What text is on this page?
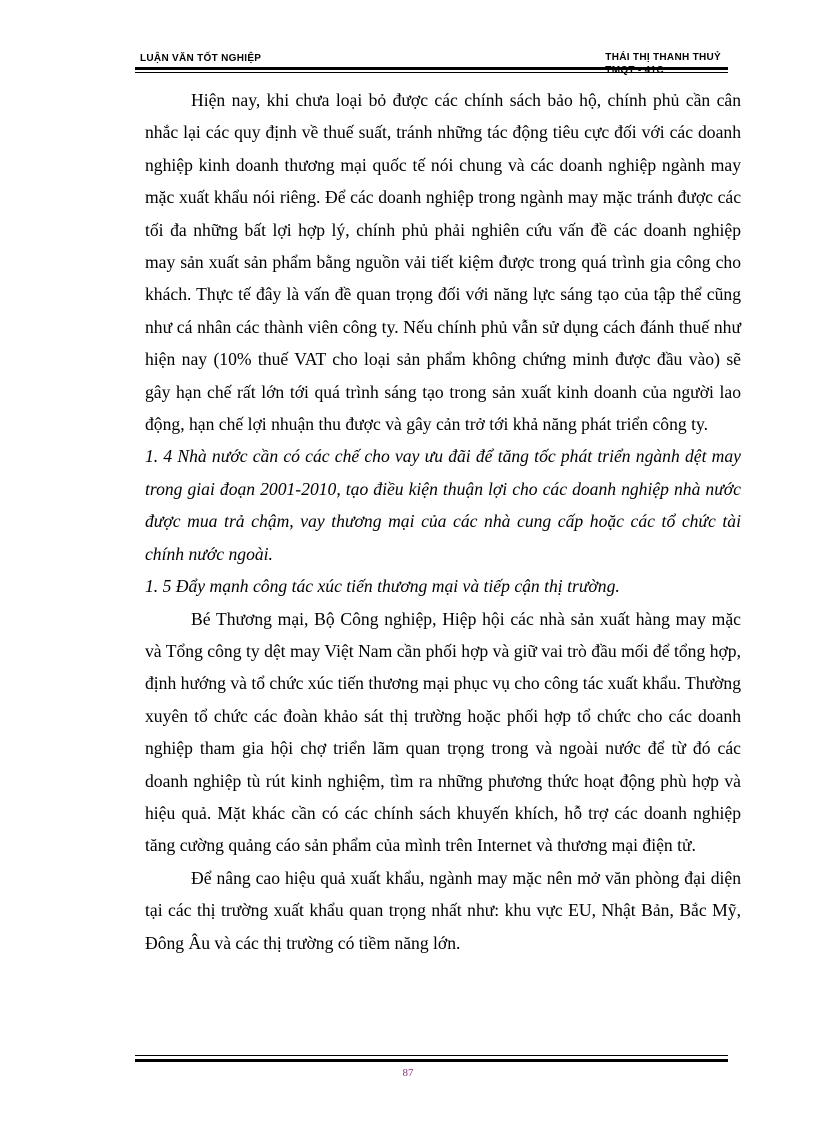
LUẬN VĂN TỐT NGHIỆP	THÁI THỊ THANH THUỶ
TMQT - 41C

Hiện nay, khi chưa loại bỏ được các chính sách bảo hộ, chính phủ cần cân nhắc lại các quy định về thuế suất, tránh những tác động tiêu cực đối với các doanh nghiệp kinh doanh thương mại quốc tế nói chung và các doanh nghiệp ngành may mặc xuất khẩu nói riêng. Để các doanh nghiệp trong ngành may mặc tránh được các tối đa những bất lợi hợp lý, chính phủ phải nghiên cứu vấn đề các doanh nghiệp may sản xuất sản phẩm bằng nguồn vải tiết kiệm được trong quá trình gia công cho khách. Thực tế đây là vấn đề quan trọng đối với năng lực sáng tạo của tập thể cũng như cá nhân các thành viên công ty. Nếu chính phủ vẫn sử dụng cách đánh thuế như hiện nay (10% thuế VAT cho loại sản phẩm không chứng minh được đầu vào) sẽ gây hạn chế rất lớn tới quá trình sáng tạo trong sản xuất kinh doanh của người lao động, hạn chế lợi nhuận thu được và gây cản trở tới khả năng phát triển công ty.

1. 4 Nhà nước cần có các chế cho vay ưu đãi để tăng tốc phát triển ngành dệt may trong giai đoạn 2001-2010, tạo điều kiện thuận lợi cho các doanh nghiệp nhà nước được mua trả chậm, vay thương mại của các nhà cung cấp hoặc các tổ chức tài chính nước ngoài.

1. 5 Đẩy mạnh công tác xúc tiến thương mại và tiếp cận thị trường.

Bé Thương mại, Bộ Công nghiệp, Hiệp hội các nhà sản xuất hàng may mặc và Tổng công ty dệt may Việt Nam cần phối hợp và giữ vai trò đầu mối để tổng hợp, định hướng và tổ chức xúc tiến thương mại phục vụ cho công tác xuất khẩu. Thường xuyên tổ chức các đoàn khảo sát thị trường hoặc phối hợp tổ chức cho các doanh nghiệp tham gia hội chợ triển lãm quan trọng trong và ngoài nước để từ đó các doanh nghiệp tù rút kinh nghiệm, tìm ra những phương thức hoạt động phù hợp và hiệu quả. Mặt khác cần có các chính sách khuyến khích, hỗ trợ các doanh nghiệp tăng cường quảng cáo sản phẩm của mình trên Internet và thương mại điện tử.

Để nâng cao hiệu quả xuất khẩu, ngành may mặc nên mở văn phòng đại diện tại các thị trường xuất khẩu quan trọng nhất như: khu vực EU, Nhật Bản, Bắc Mỹ, Đông Âu và các thị trường có tiềm năng lớn.

87
